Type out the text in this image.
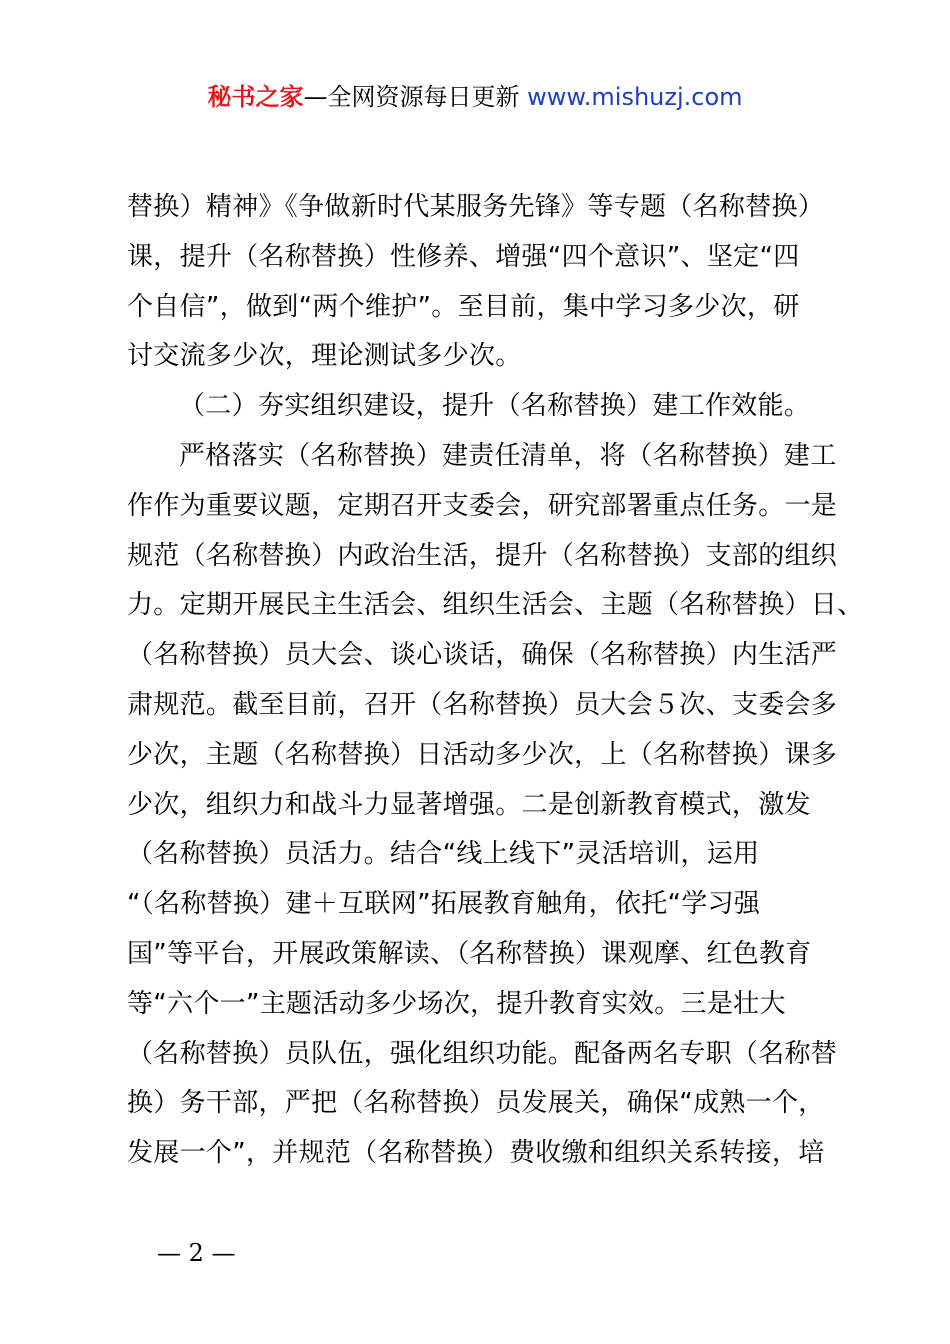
秘书之家—全网资源每日更新 www.mishuzj.com
替换）精神》《争做新时代某服务先锋》等专题（名称替换）
课，提升（名称替换）性修养、增强“四个意识”、坚定“四
个自信”，做到“两个维护”。至目前，集中学习多少次，研
讨交流多少次，理论测试多少次。
（二）夯实组织建设，提升（名称替换）建工作效能。
严格落实（名称替换）建责任清单，将（名称替换）建工
作作为重要议题，定期召开支委会，研究部署重点任务。一是
规范（名称替换）内政治生活，提升（名称替换）支部的组织
力。定期开展民主生活会、组织生活会、主题（名称替换）日、
（名称替换）员大会、谈心谈话，确保（名称替换）内生活严
肃规范。截至目前，召开（名称替换）员大会５次、支委会多
少次，主题（名称替换）日活动多少次，上（名称替换）课多
少次，组织力和战斗力显著增强。二是创新教育模式，激发
（名称替换）员活力。结合“线上线下”灵活培训，运用
“（名称替换）建＋互联网”拓展教育触角，依托“学习强
国”等平台，开展政策解读、（名称替换）课观摩、红色教育
等“六个一”主题活动多少场次，提升教育实效。三是壮大
（名称替换）员队伍，强化组织功能。配备两名专职（名称替
换）务干部，严把（名称替换）员发展关，确保“成熟一个，
发展一个”，并规范（名称替换）费收缴和组织关系转接，培
— 2 —
